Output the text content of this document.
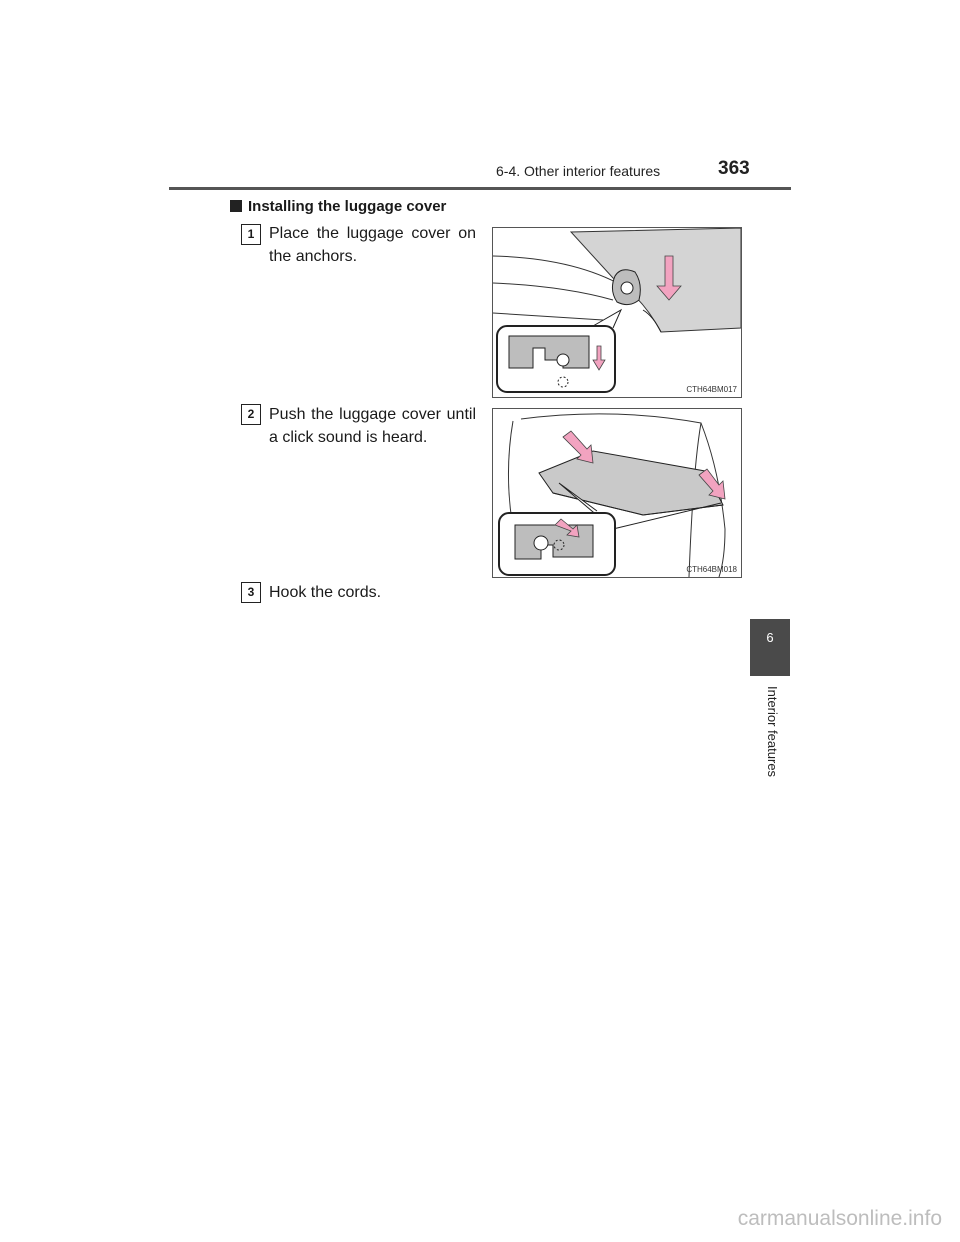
6-4. Other interior features	363
Installing the luggage cover
1 Place the luggage cover on the anchors.
CTH64BM017
2 Push the luggage cover until a click sound is heard.
CTH64BM018
3 Hook the cords.
6
Interior features
carmanualsonline.info
